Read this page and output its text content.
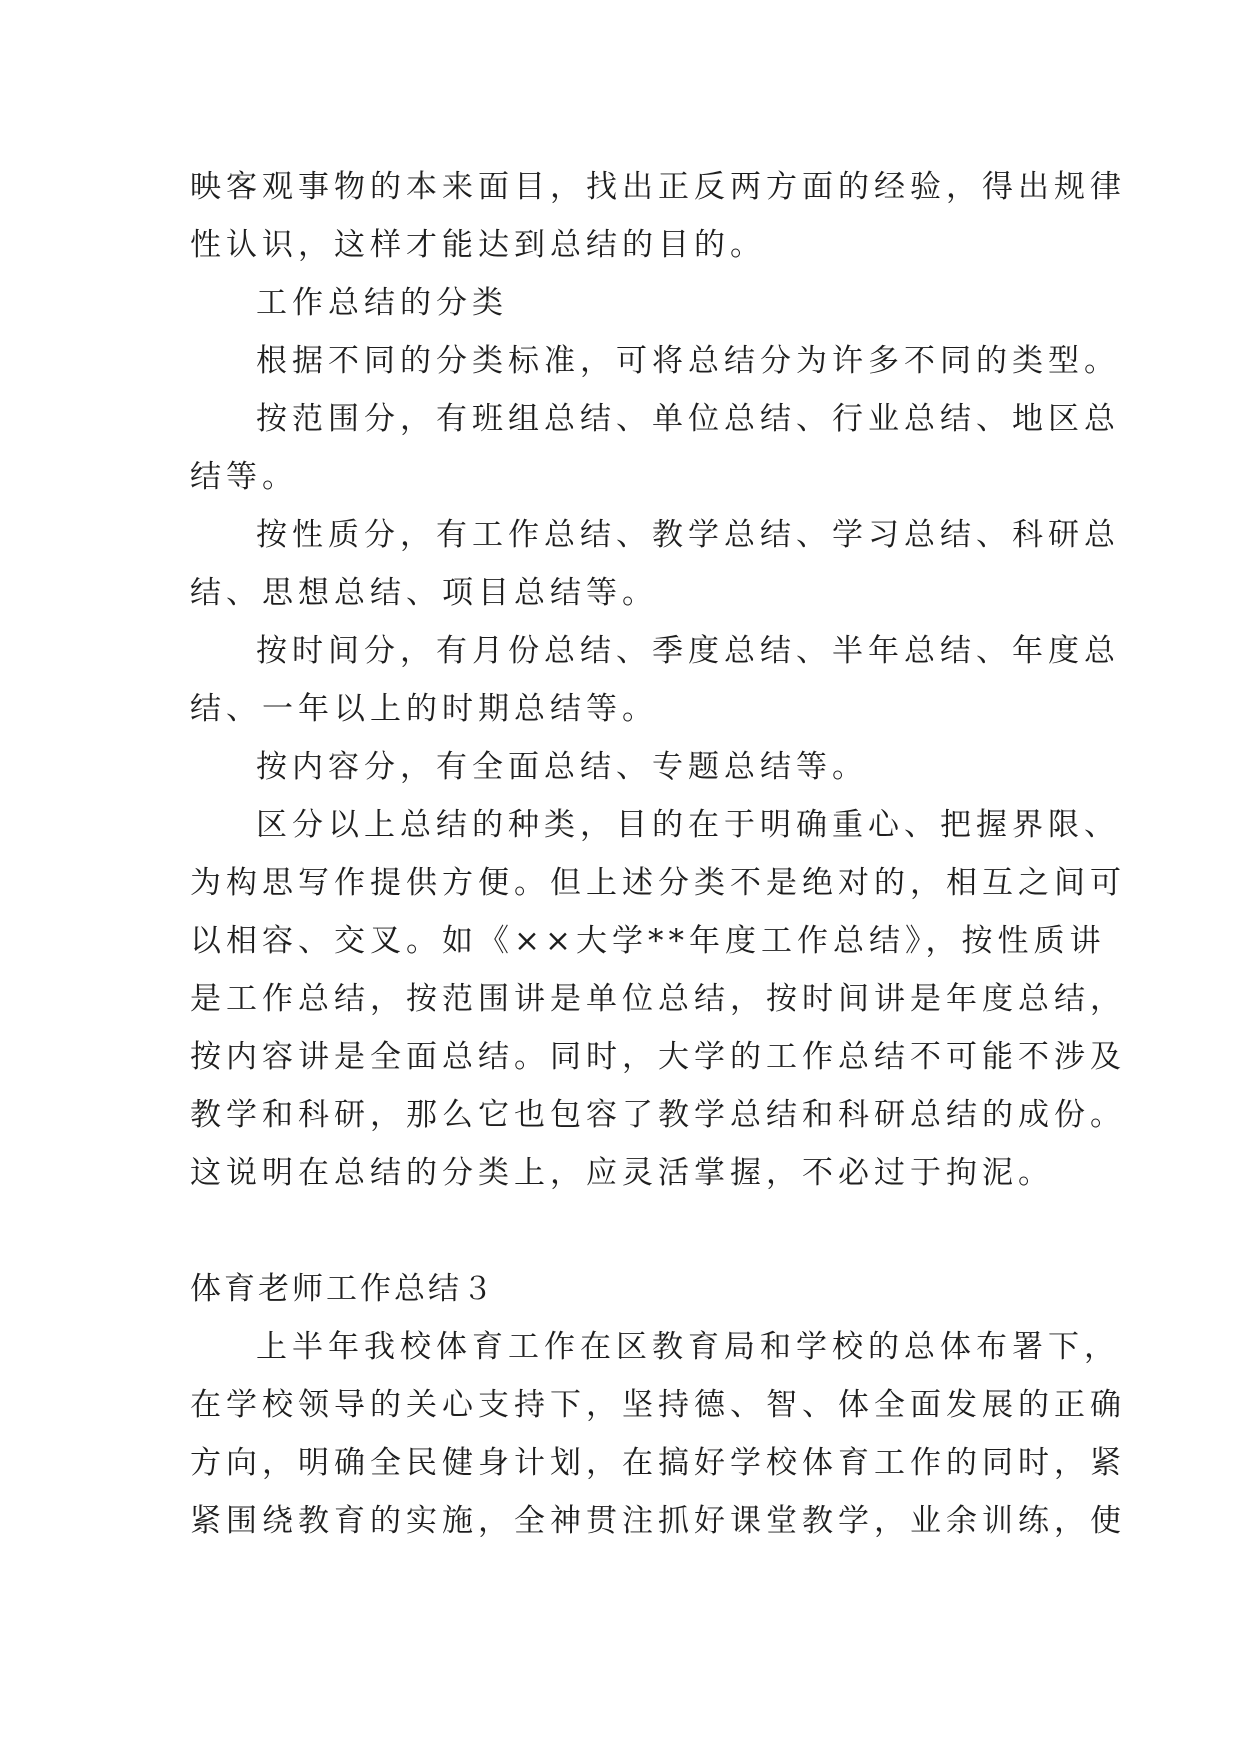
映客观事物的本来面目，找出正反两方面的经验，得出规律
性认识，这样才能达到总结的目的。
工作总结的分类
根据不同的分类标准，可将总结分为许多不同的类型。
按范围分，有班组总结、单位总结、行业总结、地区总
结等。
按性质分，有工作总结、教学总结、学习总结、科研总
结、思想总结、项目总结等。
按时间分，有月份总结、季度总结、半年总结、年度总
结、一年以上的时期总结等。
按内容分，有全面总结、专题总结等。
区分以上总结的种类，目的在于明确重心、把握界限、
为构思写作提供方便。但上述分类不是绝对的，相互之间可
以相容、交叉。如《××大学**年度工作总结》，按性质讲
是工作总结，按范围讲是单位总结，按时间讲是年度总结，
按内容讲是全面总结。同时，大学的工作总结不可能不涉及
教学和科研，那么它也包容了教学总结和科研总结的成份。
这说明在总结的分类上，应灵活掌握，不必过于拘泥。
体育老师工作总结３
上半年我校体育工作在区教育局和学校的总体布署下，
在学校领导的关心支持下，坚持德、智、体全面发展的正确
方向，明确全民健身计划，在搞好学校体育工作的同时，紧
紧围绕教育的实施，全神贯注抓好课堂教学，业余训练，使
